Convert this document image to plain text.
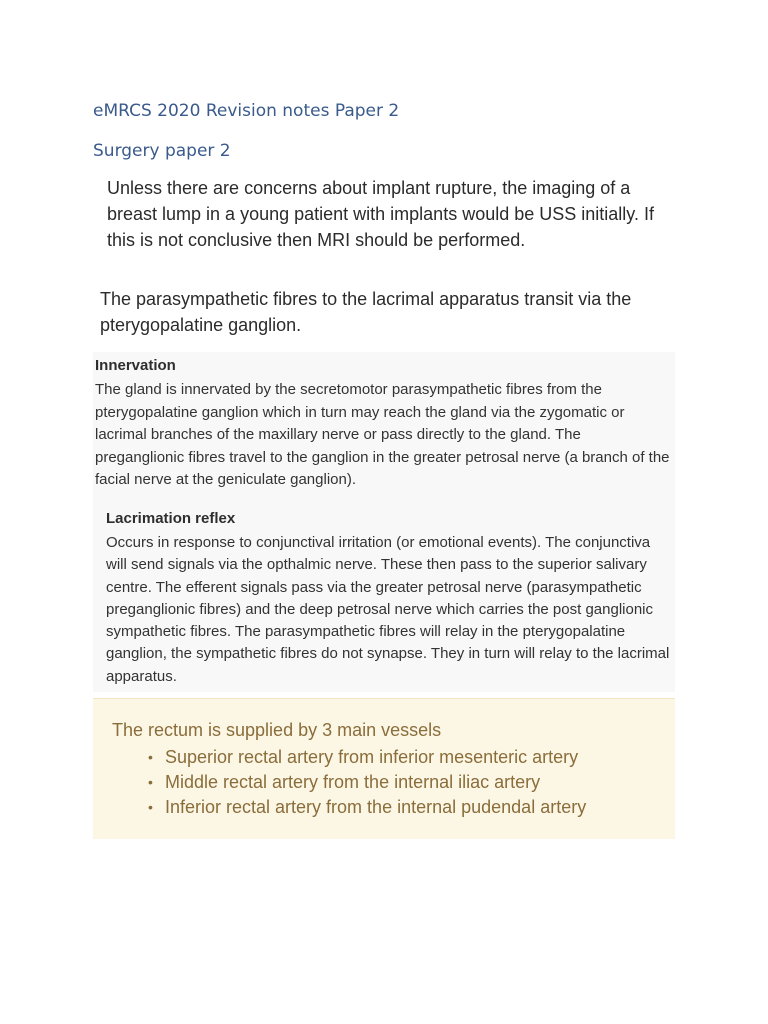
eMRCS 2020 Revision notes Paper 2
Surgery paper 2

Unless there are concerns about implant rupture, the imaging of a breast lump in a young patient with implants would be USS initially. If this is not conclusive then MRI should be performed.

The parasympathetic fibres to the lacrimal apparatus transit via the pterygopalatine ganglion.

Innervation

The gland is innervated by the secretomotor parasympathetic fibres from the pterygopalatine ganglion which in turn may reach the gland via the zygomatic or lacrimal branches of the maxillary nerve or pass directly to the gland. The preganglionic fibres travel to the ganglion in the greater petrosal nerve (a branch of the facial nerve at the geniculate ganglion).

Lacrimation reflex

Occurs in response to conjunctival irritation (or emotional events). The conjunctiva will send signals via the opthalmic nerve. These then pass to the superior salivary centre. The efferent signals pass via the greater petrosal nerve (parasympathetic preganglionic fibres) and the deep petrosal nerve which carries the post ganglionic sympathetic fibres. The parasympathetic fibres will relay in the pterygopalatine ganglion, the sympathetic fibres do not synapse. They in turn will relay to the lacrimal apparatus.

The rectum is supplied by 3 main vessels

• Superior rectal artery from inferior mesenteric artery
• Middle rectal artery from the internal iliac artery
• Inferior rectal artery from the internal pudendal artery
